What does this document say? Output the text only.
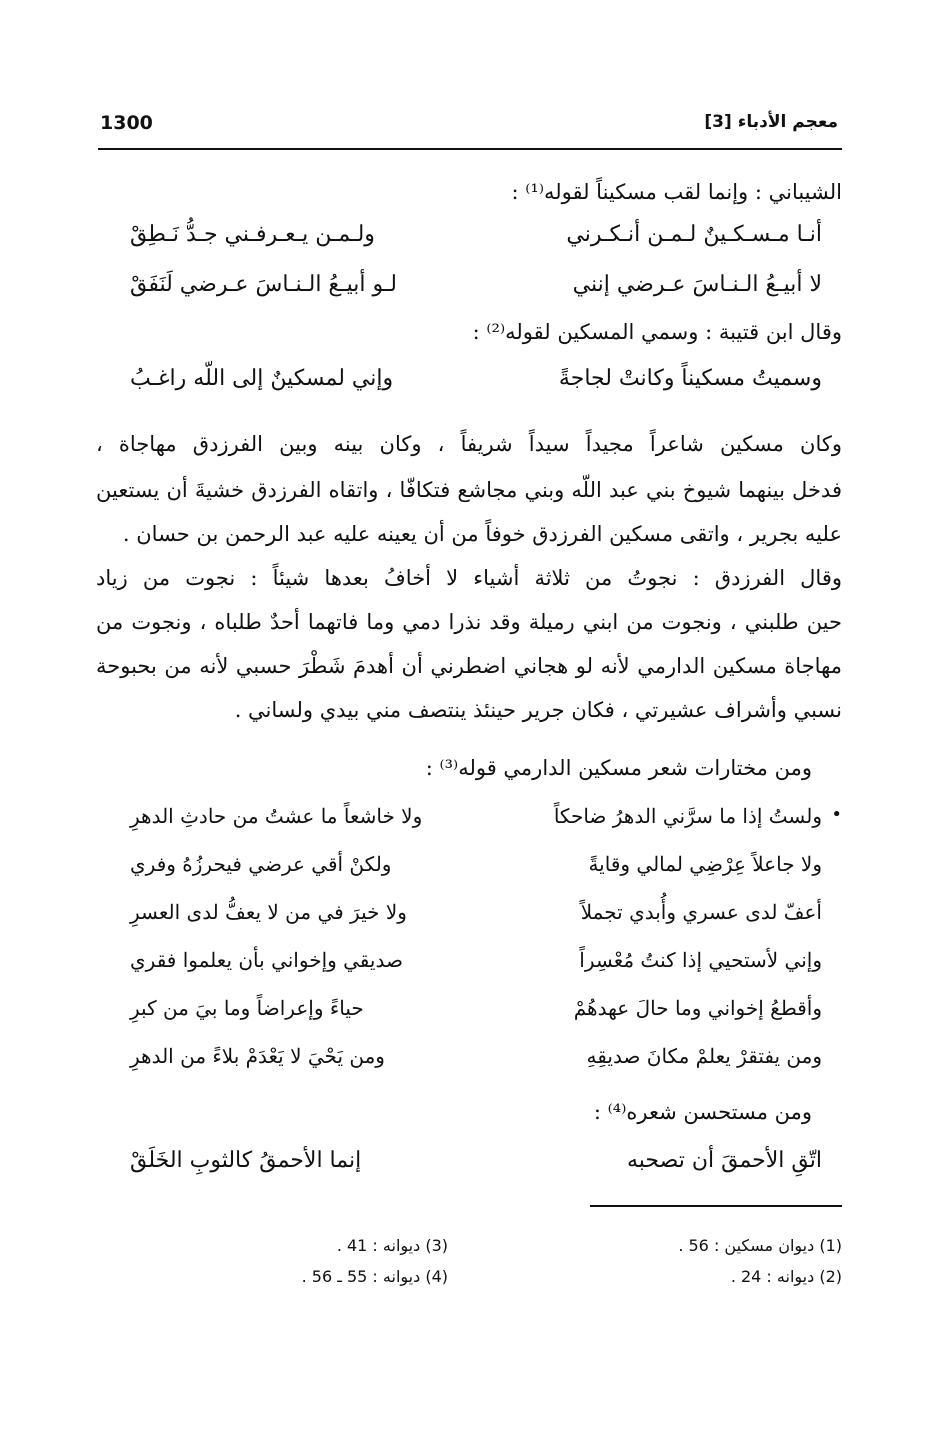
1300	معجم الأدباء [3]
الشيباني : وإنما لقب مسكيناً لقوله⁽¹⁾ :
أنـا مـسـكـينٌ لـمـن أنـكـرني
ولـمـن يـعـرفـني جـدُّ نَـطِقْ
لا أبيـعُ الـنـاسَ عـرضي إنني
لـو أبيـعُ الـنـاسَ عـرضي لَنَفَقْ
وقال ابن قتيبة : وسمي المسكين لقوله⁽²⁾ :
وسميتُ مسكيناً وكانتْ لجاجةً
وإني لمسكينٌ إلى اللّه راغـبُ
وكان مسكين شاعراً مجيداً سيداً شريفاً ، وكان بينه وبين الفرزدق مهاجاة ،
فدخل بينهما شيوخ بني عبد اللّه وبني مجاشع فتكافّا ، واتقاه الفرزدق خشيةَ أن يستعين
عليه بجرير ، واتقى مسكين الفرزدق خوفاً من أن يعينه عليه عبد الرحمن بن حسان .
وقال الفرزدق : نجوتُ من ثلاثة أشياء لا أخافُ بعدها شيئاً : نجوت من زياد
حين طلبني ، ونجوت من ابني رميلة وقد نذرا دمي وما فاتهما أحدٌ طلباه ، ونجوت من
مهاجاة مسكين الدارمي لأنه لو هجاني اضطرني أن أهدمَ شَطْرَ حسبي لأنه من بحبوحة
نسبي وأشراف عشيرتي ، فكان جرير حينئذ ينتصف مني بيدي ولساني .
ومن مختارات شعر مسكين الدارمي قوله⁽³⁾ :
•
ولستُ إذا ما سرَّني الدهرُ ضاحكاً
ولا خاشعاً ما عشتُ من حادثِ الدهرِ
ولا جاعلاً عِرْضِي لمالي وقايةً
ولكنْ أقي عرضي فيحرزُهُ وفري
أعفّ لدى عسري وأُبدي تجملاً
ولا خيرَ في من لا يعفُّ لدى العسرِ
وإني لأستحيي إذا كنتُ مُعْسِراً
صديقي وإخواني بأن يعلموا فقري
وأقطعُ إخواني وما حالَ عهدهُمْ
حياءً وإعراضاً وما بيَ من كبرِ
ومن يفتقرْ يعلمْ مكانَ صديقِهِ
ومن يَحْيَ لا يَعْدَمْ بلاءً من الدهرِ
ومن مستحسن شعره⁽⁴⁾ :
اتّقِ الأحمقَ أن تصحبه
إنما الأحمقُ كالثوبِ الخَلَقْ
(1) ديوان مسكين : 56 .
(2) ديوانه : 24 .
(3) ديوانه : 41 .
(4) ديوانه : 55 ـ 56 .
